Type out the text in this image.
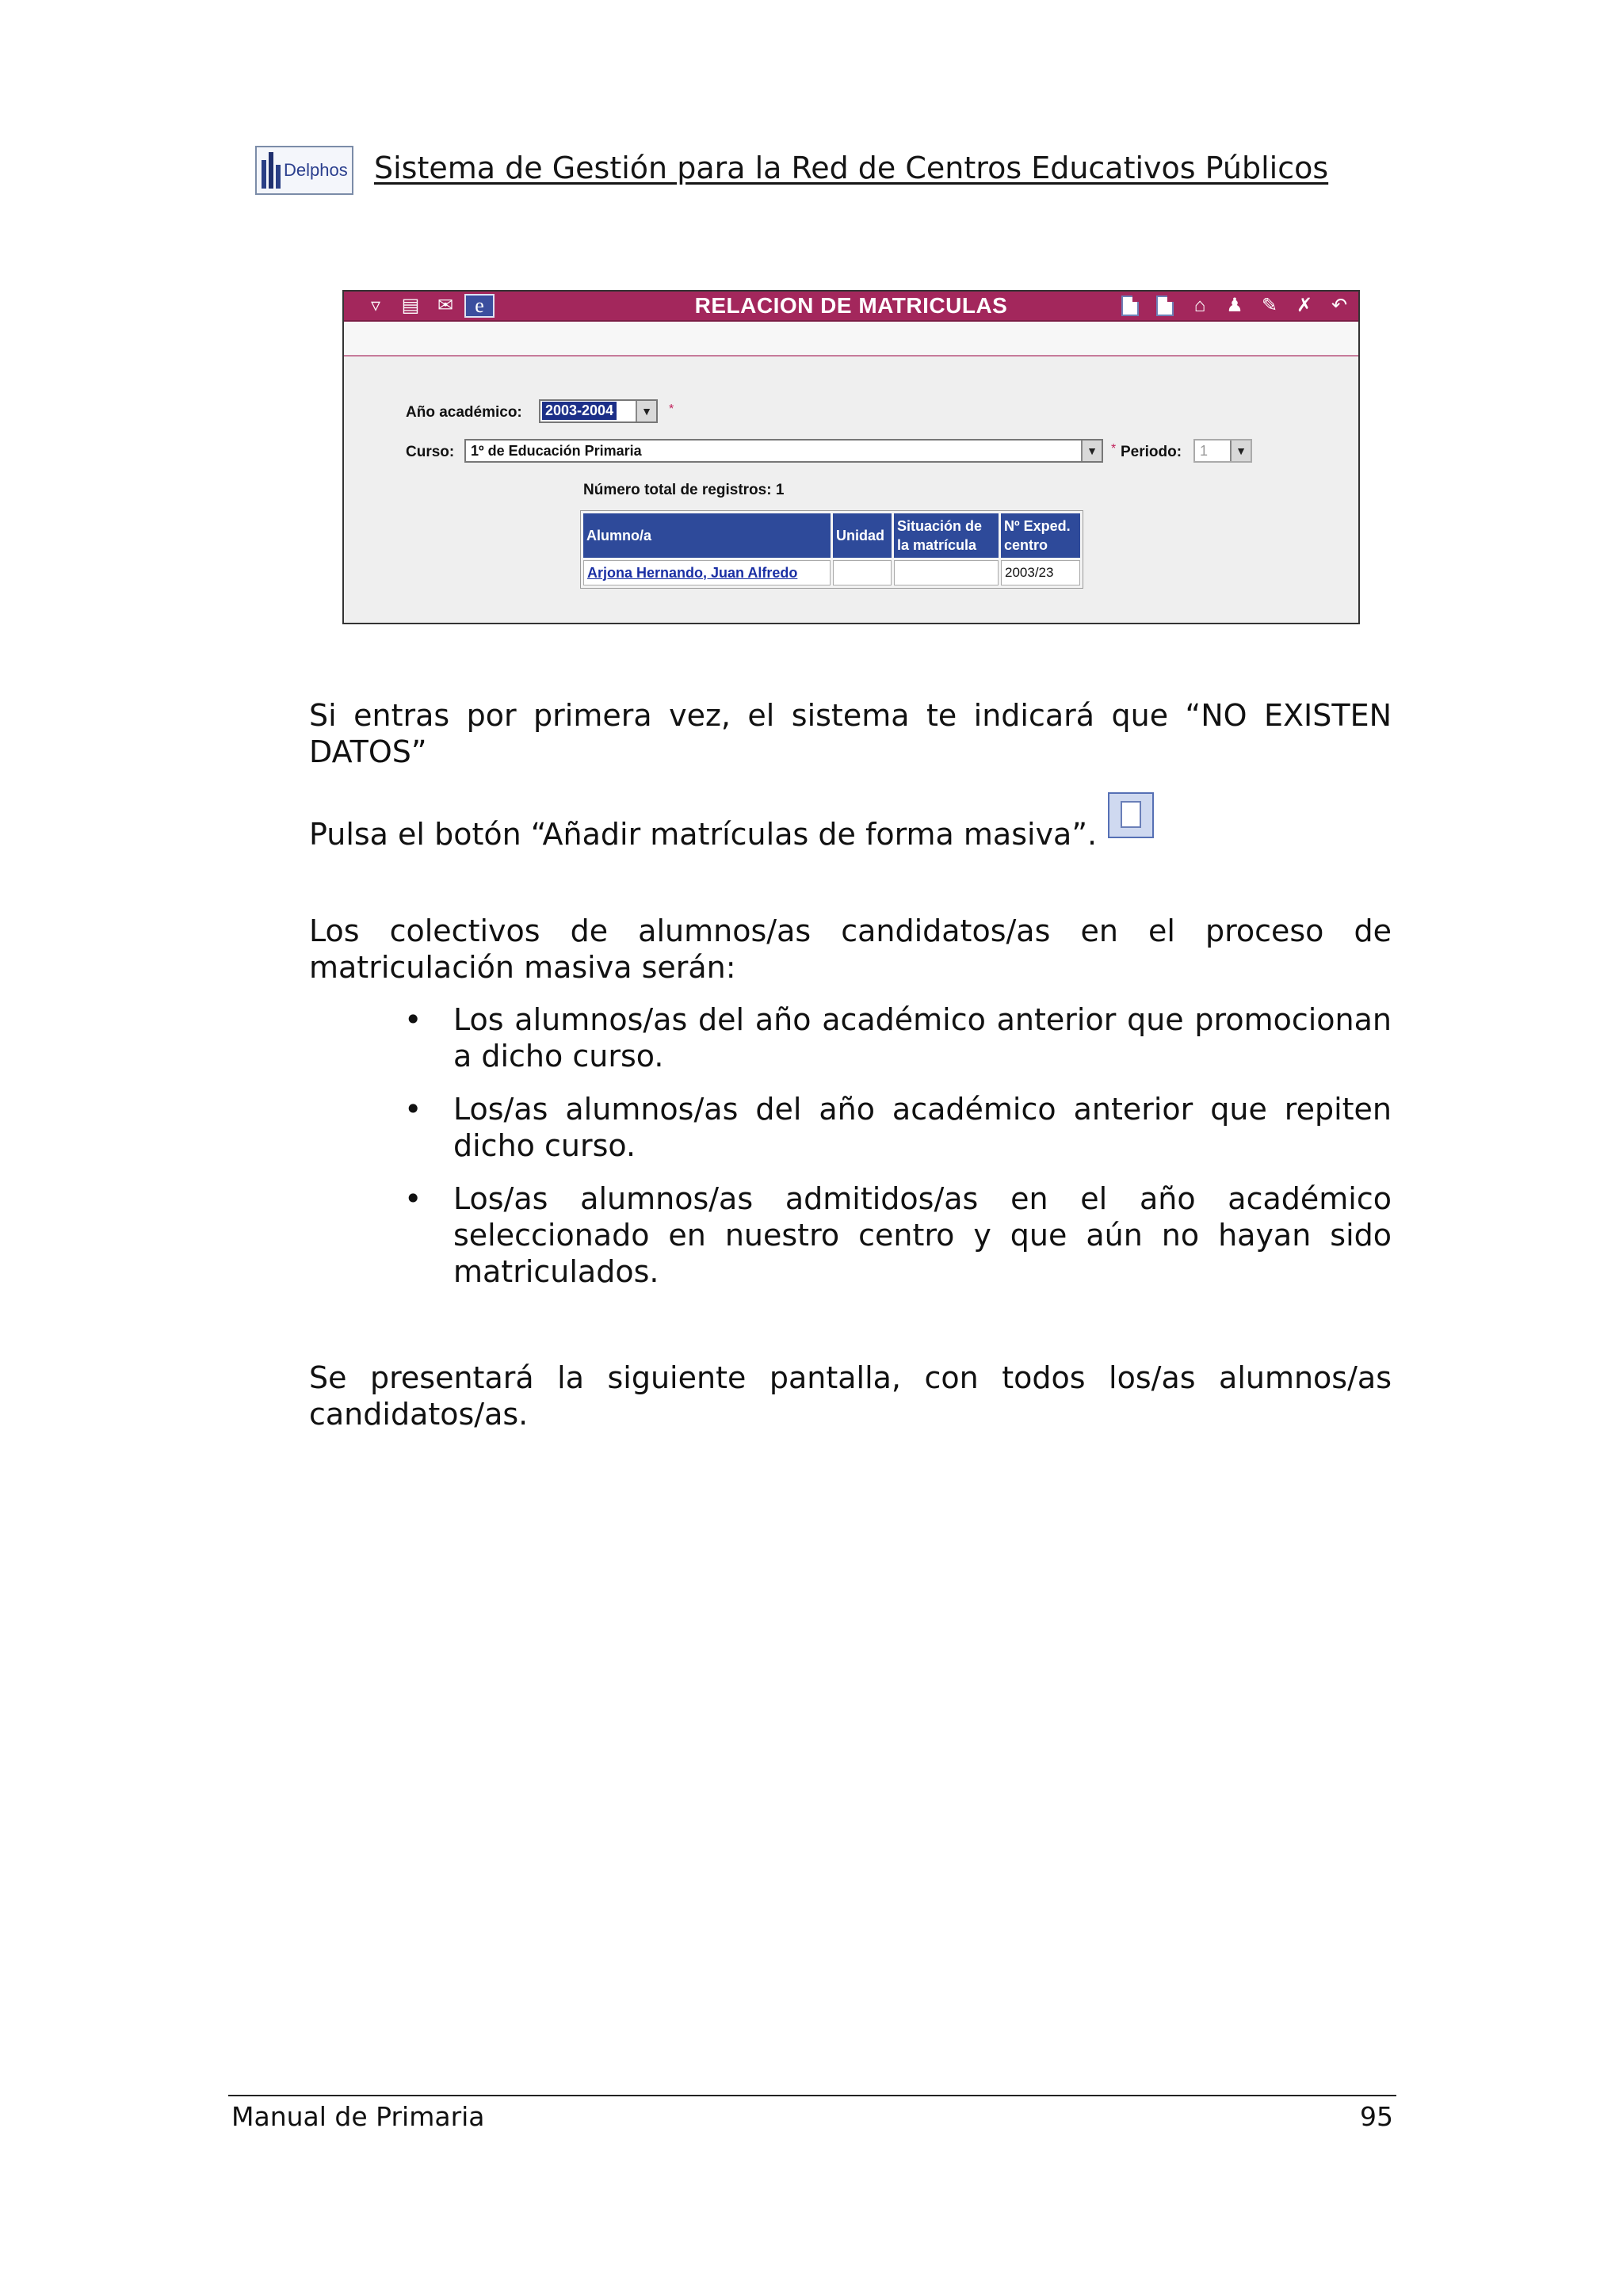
Delphos Sistema de Gestión para la Red de Centros Educativos Públicos
▿	▤ ✉	e	RELACION DE MATRICULAS	⌂	♟ ✎ ✗ ↶
Año académico: 2003-2004	▼	*
Curso: 1º de Educación Primaria	▼	* Periodo: 1	▼
Número total de registros: 1
Alumno/a	Unidad	Situación de la matrícula	Nº Exped. centro
Arjona Hernando, Juan Alfredo			2003/23

Si entras por primera vez, el sistema te indicará que “NO EXISTEN DATOS”

Pulsa el botón “Añadir matrículas de forma masiva”.

Los colectivos de alumnos/as candidatos/as en el proceso de matriculación masiva serán:

• Los alumnos/as del año académico anterior que promocionan a dicho curso.
• Los/as alumnos/as del año académico anterior que repiten dicho curso.
• Los/as alumnos/as admitidos/as en el año académico seleccionado en nuestro centro y que aún no hayan sido matriculados.

Se presentará la siguiente pantalla, con todos los/as alumnos/as candidatos/as.

Manual de Primaria	95
